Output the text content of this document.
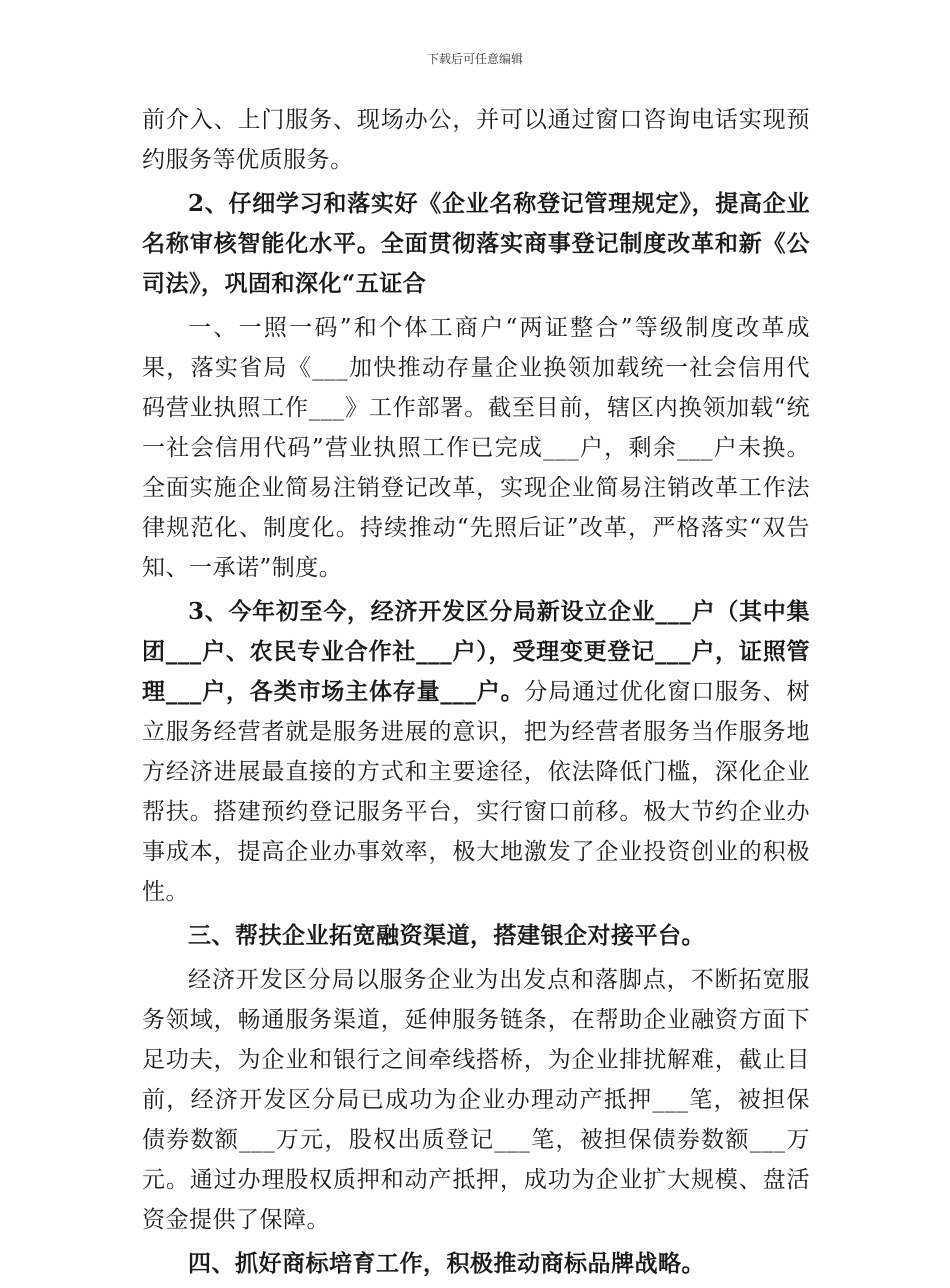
下载后可任意编辑

前介入、上门服务、现场办公，并可以通过窗口咨询电话实现预约服务等优质服务。

2、仔细学习和落实好《企业名称登记管理规定》，提高企业名称审核智能化水平。全面贯彻落实商事登记制度改革和新《公司法》，巩固和深化“五证合

一、一照一码”和个体工商户“两证整合”等级制度改革成果，落实省局《___加快推动存量企业换领加载统一社会信用代码营业执照工作___》工作部署。截至目前，辖区内换领加载“统一社会信用代码”营业执照工作已完成___户，剩余___户未换。全面实施企业简易注销登记改革，实现企业简易注销改革工作法律规范化、制度化。持续推动“先照后证”改革，严格落实“双告知、一承诺”制度。

3、今年初至今，经济开发区分局新设立企业___户（其中集团___户、农民专业合作社___户），受理变更登记___户，证照管理___户，各类市场主体存量___户。分局通过优化窗口服务、树立服务经营者就是服务进展的意识，把为经营者服务当作服务地方经济进展最直接的方式和主要途径，依法降低门槛，深化企业帮扶。搭建预约登记服务平台，实行窗口前移。极大节约企业办事成本，提高企业办事效率，极大地激发了企业投资创业的积极性。

三、帮扶企业拓宽融资渠道，搭建银企对接平台。

经济开发区分局以服务企业为出发点和落脚点，不断拓宽服务领域，畅通服务渠道，延伸服务链条，在帮助企业融资方面下足功夫，为企业和银行之间牵线搭桥，为企业排扰解难，截止目前，经济开发区分局已成功为企业办理动产抵押___笔，被担保债券数额___万元，股权出质登记___笔，被担保债券数额___万元。通过办理股权质押和动产抵押，成功为企业扩大规模、盘活资金提供了保障。

四、抓好商标培育工作，积极推动商标品牌战略。
